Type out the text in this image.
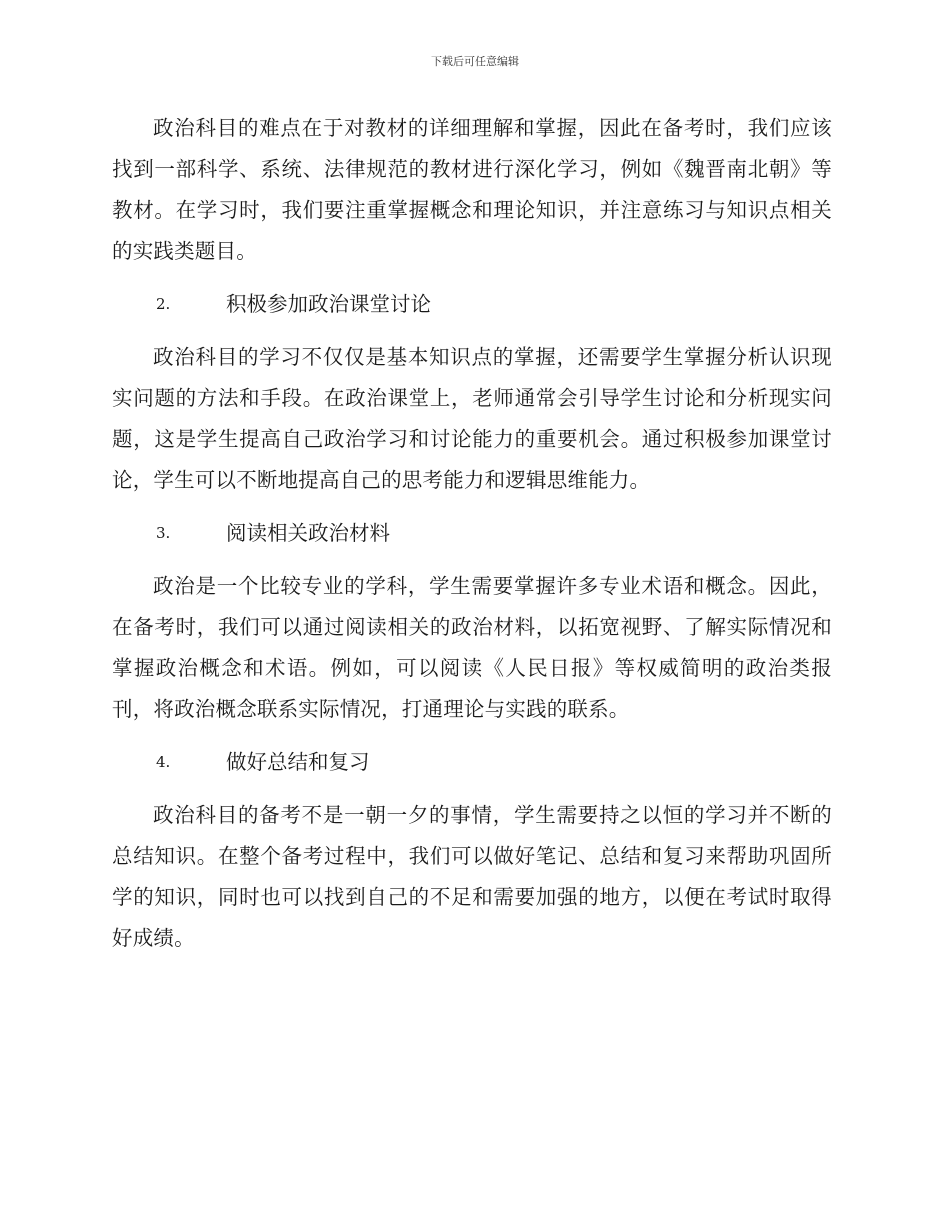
下载后可任意编辑

政治科目的难点在于对教材的详细理解和掌握，因此在备考时，我们应该找到一部科学、系统、法律规范的教材进行深化学习，例如《魏晋南北朝》等教材。在学习时，我们要注重掌握概念和理论知识，并注意练习与知识点相关的实践类题目。

2.	积极参加政治课堂讨论

政治科目的学习不仅仅是基本知识点的掌握，还需要学生掌握分析认识现实问题的方法和手段。在政治课堂上，老师通常会引导学生讨论和分析现实问题，这是学生提高自己政治学习和讨论能力的重要机会。通过积极参加课堂讨论，学生可以不断地提高自己的思考能力和逻辑思维能力。

3.	阅读相关政治材料

政治是一个比较专业的学科，学生需要掌握许多专业术语和概念。因此，在备考时，我们可以通过阅读相关的政治材料，以拓宽视野、了解实际情况和掌握政治概念和术语。例如，可以阅读《人民日报》等权威简明的政治类报刊，将政治概念联系实际情况，打通理论与实践的联系。

4.	做好总结和复习

政治科目的备考不是一朝一夕的事情，学生需要持之以恒的学习并不断的总结知识。在整个备考过程中，我们可以做好笔记、总结和复习来帮助巩固所学的知识，同时也可以找到自己的不足和需要加强的地方，以便在考试时取得好成绩。
